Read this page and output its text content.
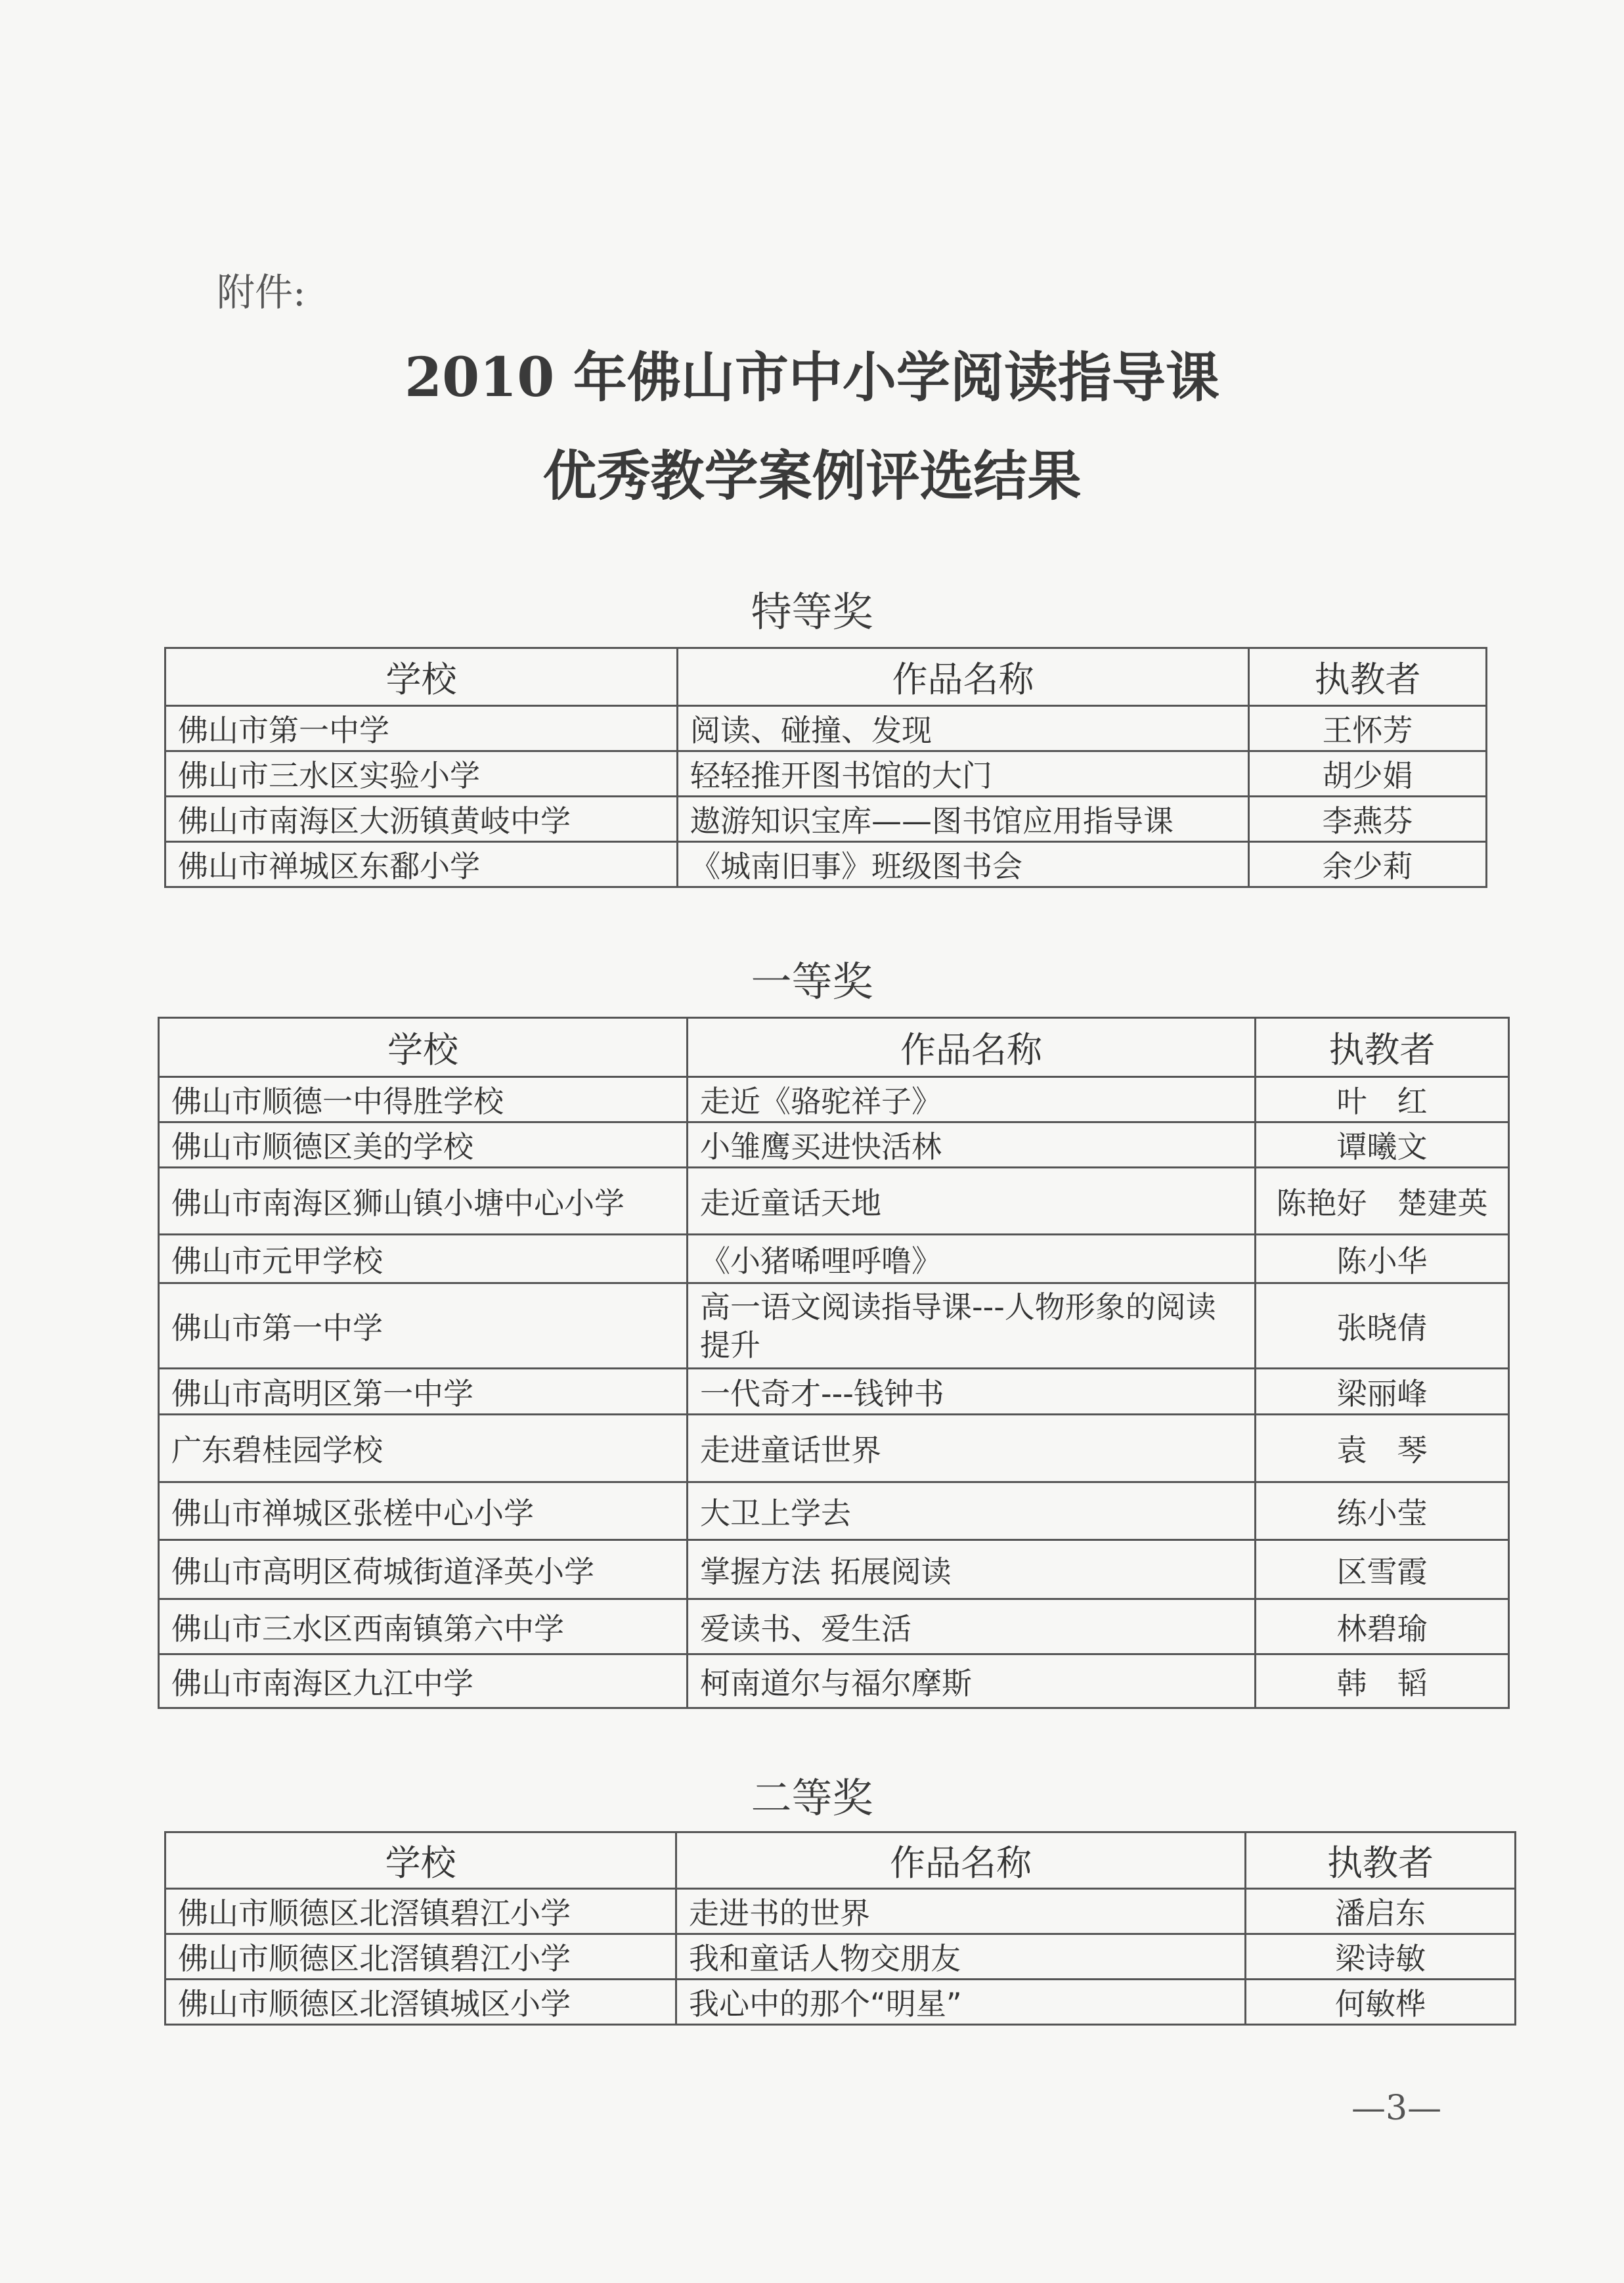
附件:
2010 年佛山市中小学阅读指导课
优秀教学案例评选结果
特等奖
学校	作品名称	执教者
佛山市第一中学	阅读、碰撞、发现	王怀芳
佛山市三水区实验小学	轻轻推开图书馆的大门	胡少娟
佛山市南海区大沥镇黄岐中学	遨游知识宝库——图书馆应用指导课	李燕芬
佛山市禅城区东鄱小学	《城南旧事》班级图书会	余少莉
一等奖
学校	作品名称	执教者
佛山市顺德一中得胜学校	走近《骆驼祥子》	叶　红
佛山市顺德区美的学校	小雏鹰买进快活林	谭曦文
佛山市南海区狮山镇小塘中心小学	走近童话天地	陈艳好　楚建英
佛山市元甲学校	《小猪唏哩呼噜》	陈小华
佛山市第一中学	高一语文阅读指导课---人物形象的阅读提升	张晓倩
佛山市高明区第一中学	一代奇才---钱钟书	梁丽峰
广东碧桂园学校	走进童话世界	袁　琴
佛山市禅城区张槎中心小学	大卫上学去	练小莹
佛山市高明区荷城街道泽英小学	掌握方法 拓展阅读	区雪霞
佛山市三水区西南镇第六中学	爱读书、爱生活	林碧瑜
佛山市南海区九江中学	柯南道尔与福尔摩斯	韩　韬
二等奖
学校	作品名称	执教者
佛山市顺德区北滘镇碧江小学	走进书的世界	潘启东
佛山市顺德区北滘镇碧江小学	我和童话人物交朋友	梁诗敏
佛山市顺德区北滘镇城区小学	我心中的那个“明星”	何敏桦
—3—
